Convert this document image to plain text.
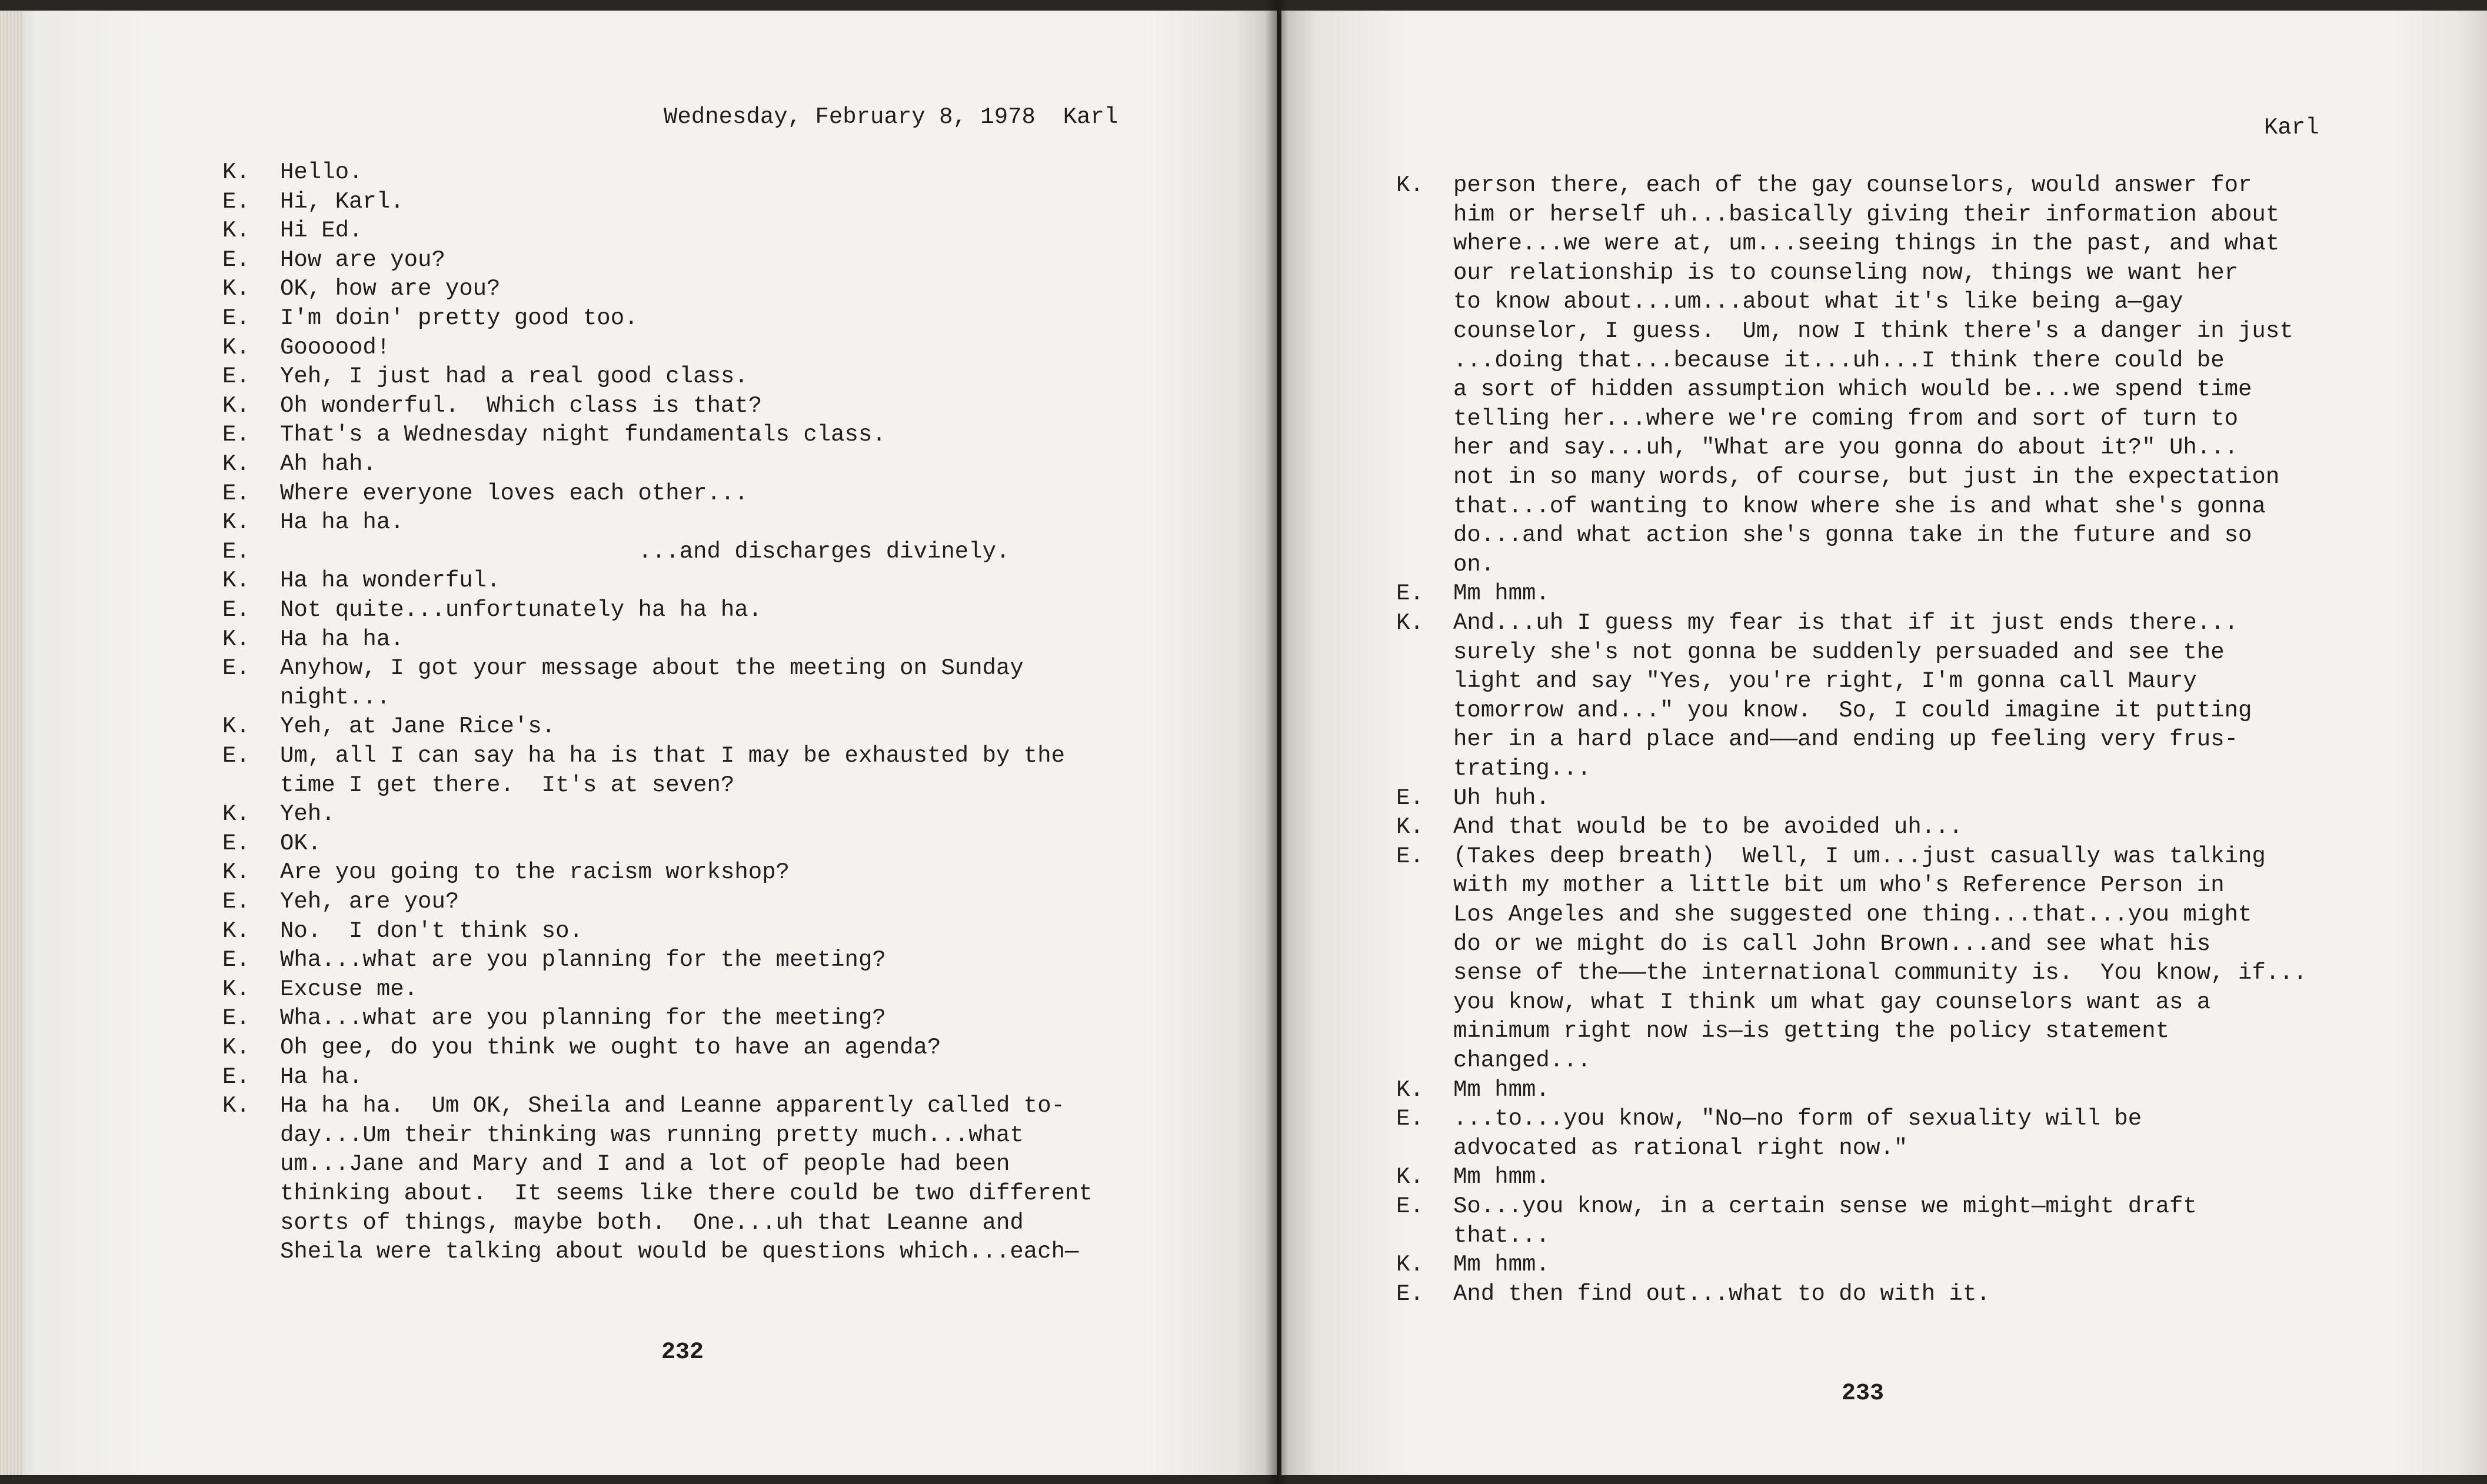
Wednesday, February 8, 1978  Karl
K. Hello.
E. Hi, Karl.
K. Hi Ed.
E. How are you?
K. OK, how are you?
E. I'm doin' pretty good too.
K. Goooood!
E. Yeh, I just had a real good class.
K. Oh wonderful.  Which class is that?
E. That's a Wednesday night fundamentals class.
K. Ah hah.
E. Where everyone loves each other...
K. Ha ha ha.
E. ...and discharges divinely.
K. Ha ha wonderful.
E. Not quite...unfortunately ha ha ha.
K. Ha ha ha.
E. Anyhow, I got your message about the meeting on Sunday
night...
K. Yeh, at Jane Rice's.
E. Um, all I can say ha ha is that I may be exhausted by the
time I get there.  It's at seven?
K. Yeh.
E. OK.
K. Are you going to the racism workshop?
E. Yeh, are you?
K. No.  I don't think so.
E. Wha...what are you planning for the meeting?
K. Excuse me.
E. Wha...what are you planning for the meeting?
K. Oh gee, do you think we ought to have an agenda?
E. Ha ha.
K. Ha ha ha.  Um OK, Sheila and Leanne apparently called to-
day...Um their thinking was running pretty much...what
um...Jane and Mary and I and a lot of people had been
thinking about.  It seems like there could be two different
sorts of things, maybe both.  One...uh that Leanne and
Sheila were talking about would be questions which...each—
232
Karl
K. person there, each of the gay counselors, would answer for
him or herself uh...basically giving their information about
where...we were at, um...seeing things in the past, and what
our relationship is to counseling now, things we want her
to know about...um...about what it's like being a—gay
counselor, I guess.  Um, now I think there's a danger in just
...doing that...because it...uh...I think there could be
a sort of hidden assumption which would be...we spend time
telling her...where we're coming from and sort of turn to
her and say...uh, "What are you gonna do about it?" Uh...
not in so many words, of course, but just in the expectation
that...of wanting to know where she is and what she's gonna
do...and what action she's gonna take in the future and so
on.
E. Mm hmm.
K. And...uh I guess my fear is that if it just ends there...
surely she's not gonna be suddenly persuaded and see the
light and say "Yes, you're right, I'm gonna call Maury
tomorrow and..." you know.  So, I could imagine it putting
her in a hard place and——and ending up feeling very frus-
trating...
E. Uh huh.
K. And that would be to be avoided uh...
E. (Takes deep breath)  Well, I um...just casually was talking
with my mother a little bit um who's Reference Person in
Los Angeles and she suggested one thing...that...you might
do or we might do is call John Brown...and see what his
sense of the——the international community is.  You know, if...
you know, what I think um what gay counselors want as a
minimum right now is—is getting the policy statement
changed...
K. Mm hmm.
E. ...to...you know, "No—no form of sexuality will be
advocated as rational right now."
K. Mm hmm.
E. So...you know, in a certain sense we might—might draft
that...
K. Mm hmm.
E. And then find out...what to do with it.
233
